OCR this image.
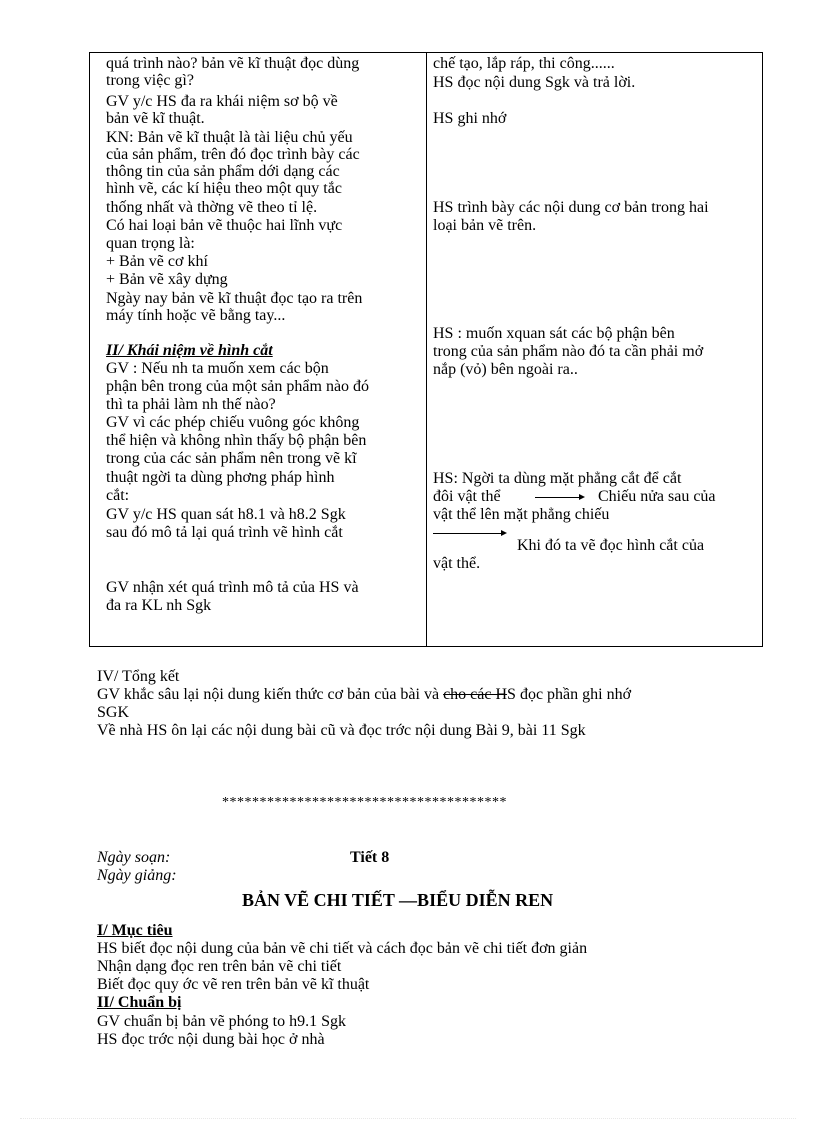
quá trình nào? bản vẽ kĩ thuật đọc dùng
trong việc gì?
GV y/c HS đa ra khái niệm sơ bộ về
bản vẽ kĩ thuật.
KN: Bản vẽ kĩ thuật là tài liệu chủ yếu
của sản phẩm, trên đó đọc trình bày các
thông tin của sản phẩm dới dạng các
hình vẽ, các kí hiệu theo một quy tắc
thống nhất và thờng vẽ theo tỉ lệ.
Có hai loại bản vẽ thuộc hai lĩnh vực
quan trọng là:
+ Bản vẽ cơ khí
+ Bản vẽ xây dựng
Ngày nay bản vẽ kĩ thuật đọc tạo ra trên
máy tính hoặc vẽ bằng tay...
II/ Khái niệm về hình cắt
GV : Nếu nh ta muốn xem các bộn
phận bên trong của một sản phẩm nào đó
thì ta phải làm nh thế nào?
GV vì các phép chiếu vuông góc không
thể hiện và không nhìn thấy bộ phận bên
trong của các sản phẩm nên trong vẽ kĩ
thuật ngời ta dùng phơng pháp hình
cắt:
GV y/c HS quan sát h8.1 và h8.2 Sgk
sau đó mô tả lại quá trình vẽ hình cắt
GV nhận xét quá trình mô tả của HS và
đa ra KL nh Sgk
chế tạo, lắp ráp, thi công......
HS đọc nội dung Sgk và trả lời.
HS ghi nhớ
HS trình bày các nội dung cơ bản trong hai
loại bản vẽ trên.
HS : muốn xquan sát các bộ phận bên
trong của sản phẩm nào đó ta cần phải mở
nắp (vỏ) bên ngoài ra..
HS: Ngời ta dùng mặt phẳng cắt để cắt
đôi vật thể	Chiếu nửa sau của
vật thể lên mặt phẳng chiếu
Khi đó ta vẽ đọc hình cắt của
vật thể.
IV/ Tổng kết
GV khắc sâu lại nội dung kiến thức cơ bản của bài và cho các HS đọc phần ghi nhớ
SGK
Về nhà HS ôn lại các nội dung bài cũ và đọc trớc nội dung Bài 9, bài 11 Sgk
**************************************
Ngày soạn:	Tiết 8
Ngày giảng:
BẢN VẼ CHI TIẾT —BIỂU DIỄN REN
I/ Mục tiêu
HS biết đọc nội dung của bản vẽ chi tiết và cách đọc bản vẽ chi tiết đơn giản
Nhận dạng đọc ren trên bản vẽ chi tiết
Biết đọc quy ớc vẽ ren trên bản vẽ kĩ thuật
II/ Chuẩn bị
GV chuẩn bị bản vẽ phóng to h9.1 Sgk
HS đọc trớc nội dung bài học ở nhà
